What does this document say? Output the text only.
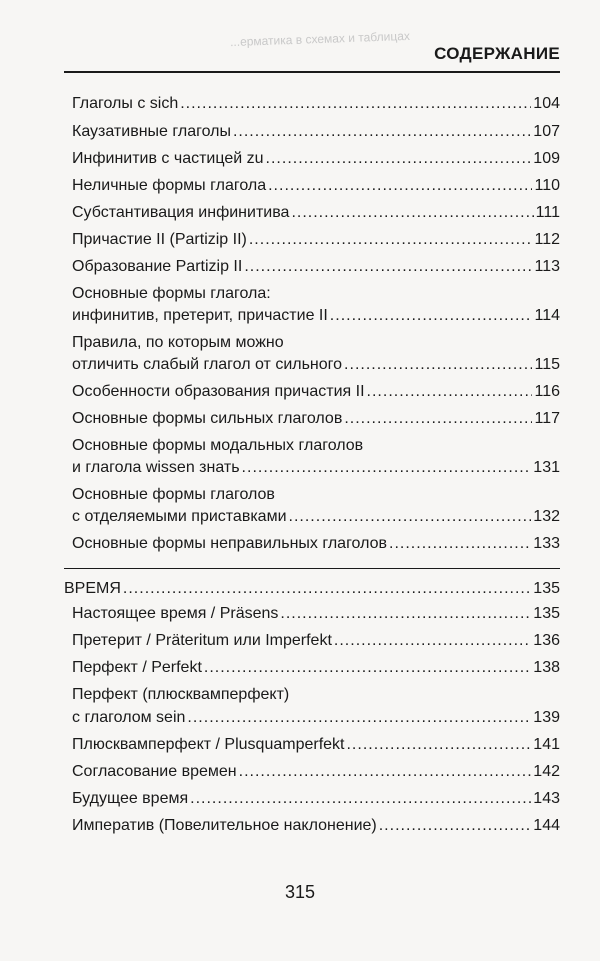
...ерматика в схемах и таблицах
СОДЕРЖАНИЕ
Глаголы с sich .....	104
Каузативные глаголы .....	107
Инфинитив с частицей zu .....	109
Неличные формы глагола .....	110
Субстантивация инфинитива .....	111
Причастие II (Partizip II) .....	112
Образование Partizip II .....	113
Основные формы глагола:
инфинитив, претерит, причастие II .....	114
Правила, по которым можно
отличить слабый глагол от сильного .....	115
Особенности образования причастия II .....	116
Основные формы сильных глаголов .....	117
Основные формы модальных глаголов
и глагола wissen знать .....	131
Основные формы глаголов
с отделяемыми приставками .....	132
Основные формы неправильных глаголов .....	133
ВРЕМЯ .....	135
Настоящее время / Präsens .....	135
Претерит / Präteritum или Imperfekt .....	136
Перфект / Perfekt .....	138
Перфект (плюсквамперфект)
с глаголом sein .....	139
Плюсквамперфект / Plusquamperfekt .....	141
Согласование времен .....	142
Будущее время .....	143
Императив (Повелительное наклонение) .....	144
315
